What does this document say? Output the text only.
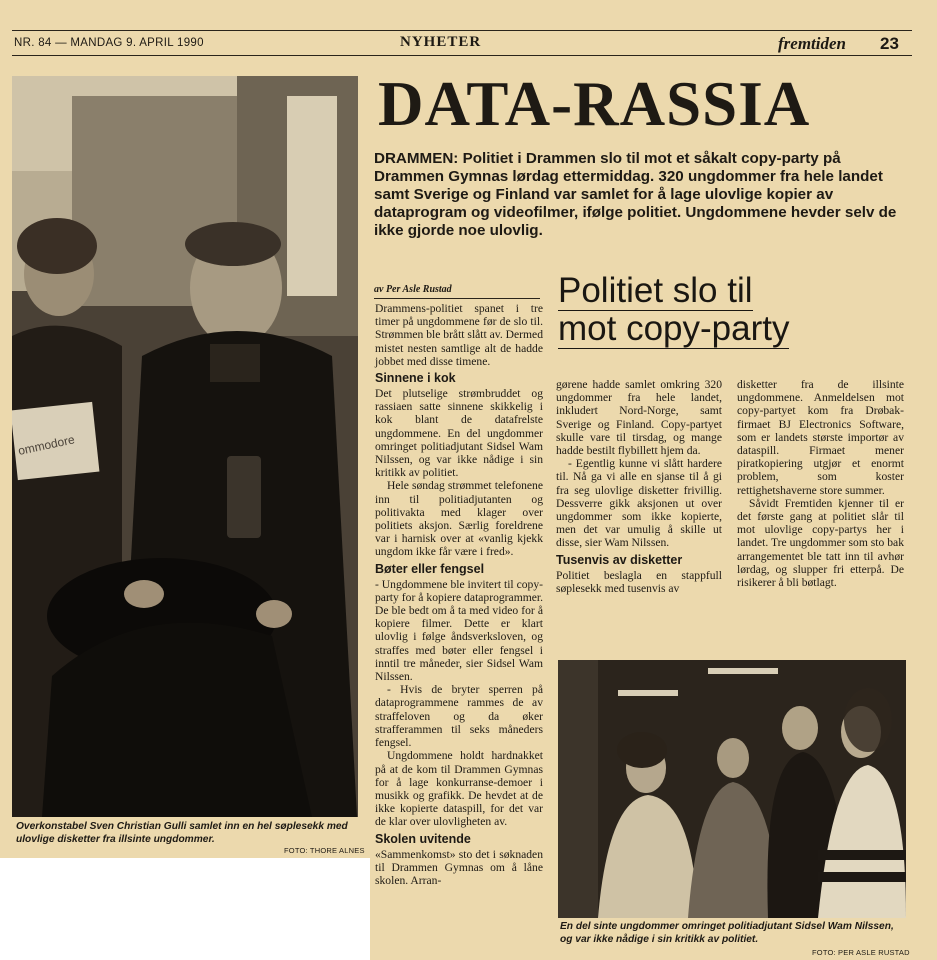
NR. 84 — MANDAG 9. APRIL 1990	NYHETER	fremtiden 23
ommodore
Overkonstabel Sven Christian Gulli samlet inn en hel søplesekk med ulovlige disketter fra illsinte ungdommer.
FOTO: THORE ALNES
DATA-RASSIA
DRAMMEN: Politiet i Drammen slo til mot et såkalt copy-party på Drammen Gymnas lørdag ettermiddag. 320 ungdommer fra hele landet samt Sverige og Finland var samlet for å lage ulovlige kopier av dataprogram og videofilmer, ifølge politiet. Ungdommene hevder selv de ikke gjorde noe ulovlig.
av Per Asle Rustad	Politiet slo til
mot copy-party

Drammens-politiet spanet i tre timer på ungdommene før de slo til. Strømmen ble brått slått av. Dermed mistet nesten samtlige alt de hadde jobbet med disse timene.

Sinnene i kok

Det plutselige strømbruddet og rassiaen satte sinnene skikkelig i kok blant de datafrelste ungdommene. En del ungdommer omringet politiadjutant Sidsel Wam Nilssen, og var ikke nådige i sin kritikk av politiet.

Hele søndag strømmet telefonene inn til politiadjutanten og politivakta med klager over politiets aksjon. Særlig foreldrene var i harnisk over at «vanlig kjekk ungdom ikke får være i fred».

Bøter eller fengsel

- Ungdommene ble invitert til copy-party for å kopiere dataprogrammer. De ble bedt om å ta med video for å kopiere filmer. Dette er klart ulovlig i følge åndsverksloven, og straffes med bøter eller fengsel i inntil tre måneder, sier Sidsel Wam Nilssen.

- Hvis de bryter sperren på dataprogrammene rammes de av straffeloven og da øker strafferammen til seks måneders fengsel.

Ungdommene holdt hardnakket på at de kom til Drammen Gymnas for å lage konkurranse-demoer i musikk og grafikk. De hevdet at de ikke kopierte dataspill, for det var de klar over ulovligheten av.

Skolen uvitende

«Sammenkomst» sto det i søknaden til Drammen Gymnas om å låne skolen. Arran-

gørene hadde samlet omkring 320 ungdommer fra hele landet, inkludert Nord-Norge, samt Sverige og Finland. Copy-partyet skulle vare til tirsdag, og mange hadde bestilt flybillett hjem da.

- Egentlig kunne vi slått hardere til. Nå ga vi alle en sjanse til å gi fra seg ulovlige disketter frivillig. Dessverre gikk aksjonen ut over ungdommer som ikke kopierte, men det var umulig å skille ut disse, sier Wam Nilssen.

Tusenvis av disketter

Politiet beslagla en stappfull søplesekk med tusenvis av

disketter fra de illsinte ungdommene. Anmeldelsen mot copy-partyet kom fra Drøbak-firmaet BJ Electronics Software, som er landets største importør av dataspill. Firmaet mener piratkopiering utgjør et enormt problem, som koster rettighetshaverne store summer.

Såvidt Fremtiden kjenner til er det første gang at politiet slår til mot ulovlige copy-partys her i landet. Tre ungdommer som sto bak arrangementet ble tatt inn til avhør lørdag, og slupper fri etterpå. De risikerer å bli bøtlagt.

En del sinte ungdommer omringet politiadjutant Sidsel Wam Nilssen, og var ikke nådige i sin kritikk av politiet.
FOTO: PER ASLE RUSTAD
